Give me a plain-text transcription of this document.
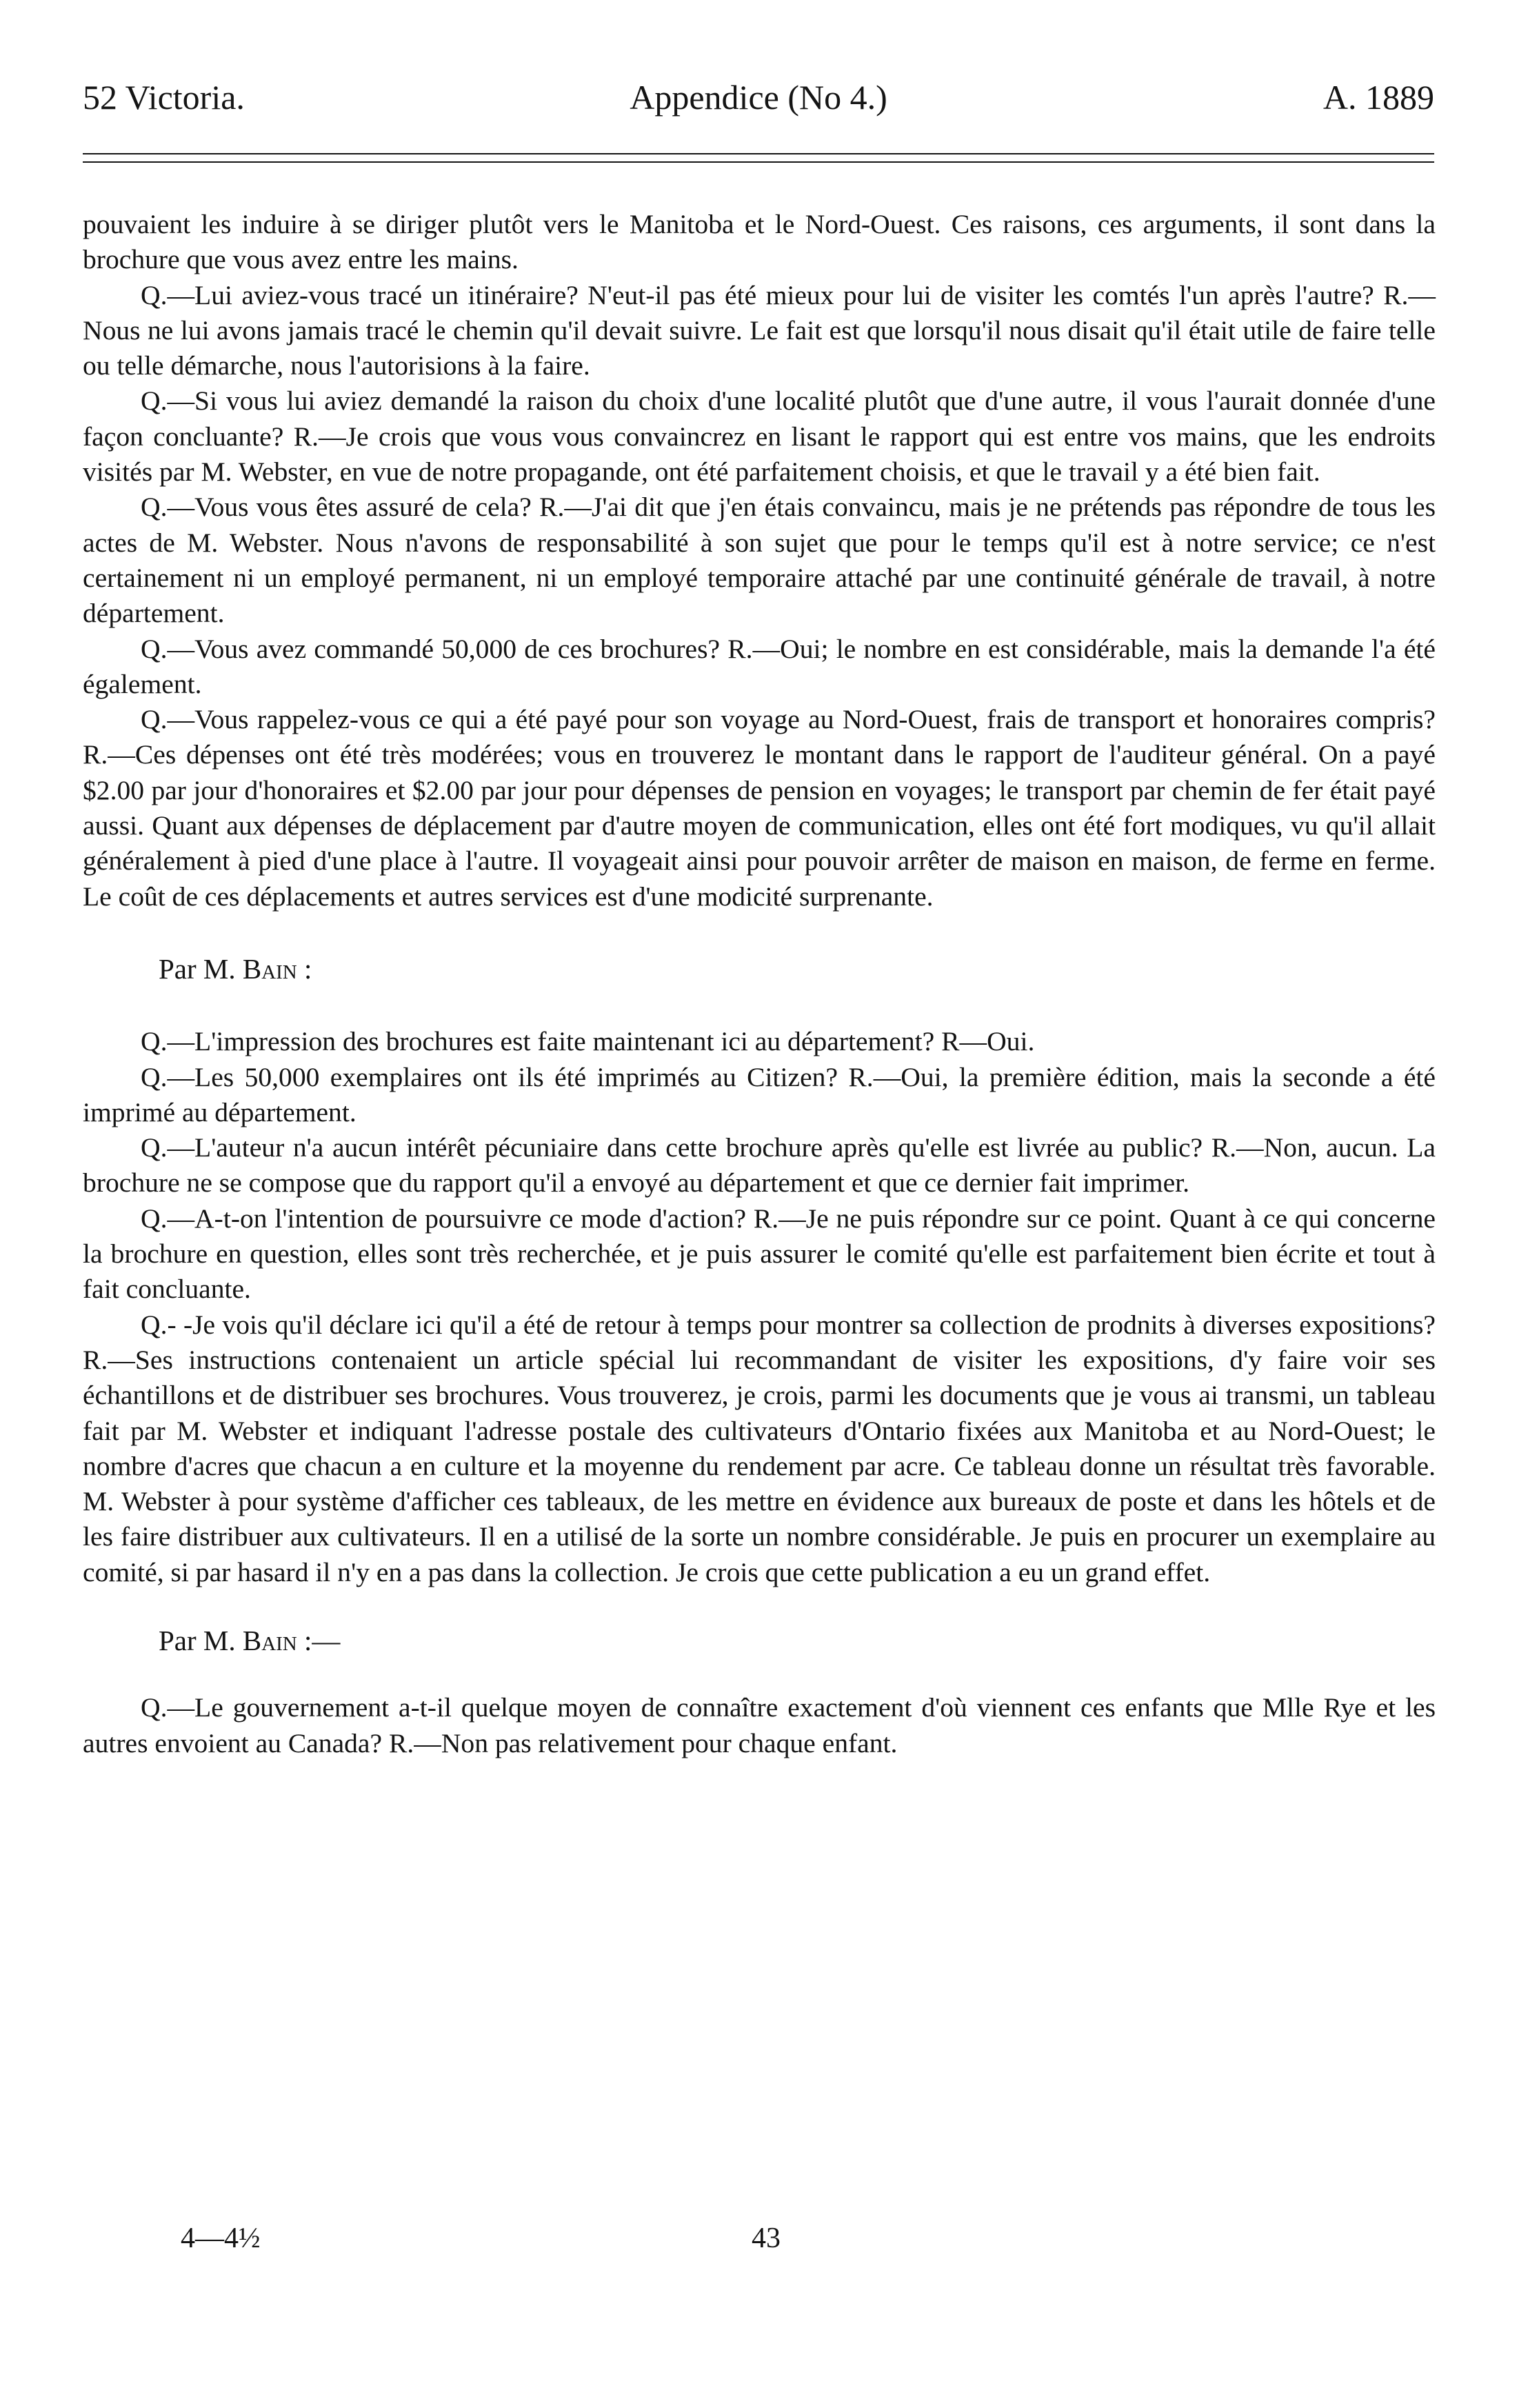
52 Victoria.	Appendice (No 4.)	A. 1889

pouvaient les induire à se diriger plutôt vers le Manitoba et le Nord-Ouest. Ces raisons, ces arguments, il sont dans la brochure que vous avez entre les mains.

Q.—Lui aviez-vous tracé un itinéraire? N'eut-il pas été mieux pour lui de visiter les comtés l'un après l'autre? R.—Nous ne lui avons jamais tracé le chemin qu'il devait suivre. Le fait est que lorsqu'il nous disait qu'il était utile de faire telle ou telle démarche, nous l'autorisions à la faire.

Q.—Si vous lui aviez demandé la raison du choix d'une localité plutôt que d'une autre, il vous l'aurait donnée d'une façon concluante? R.—Je crois que vous vous convaincrez en lisant le rapport qui est entre vos mains, que les endroits visités par M. Webster, en vue de notre propagande, ont été parfaitement choisis, et que le travail y a été bien fait.

Q.—Vous vous êtes assuré de cela? R.—J'ai dit que j'en étais convaincu, mais je ne prétends pas répondre de tous les actes de M. Webster. Nous n'avons de responsabilité à son sujet que pour le temps qu'il est à notre service; ce n'est certainement ni un employé permanent, ni un employé temporaire attaché par une continuité générale de travail, à notre département.

Q.—Vous avez commandé 50,000 de ces brochures? R.—Oui; le nombre en est considérable, mais la demande l'a été également.

Q.—Vous rappelez-vous ce qui a été payé pour son voyage au Nord-Ouest, frais de transport et honoraires compris? R.—Ces dépenses ont été très modérées; vous en trouverez le montant dans le rapport de l'auditeur général. On a payé $2.00 par jour d'honoraires et $2.00 par jour pour dépenses de pension en voyages; le transport par chemin de fer était payé aussi. Quant aux dépenses de déplacement par d'autre moyen de communication, elles ont été fort modiques, vu qu'il allait généralement à pied d'une place à l'autre. Il voyageait ainsi pour pouvoir arrêter de maison en maison, de ferme en ferme. Le coût de ces déplacements et autres services est d'une modicité surprenante.

Par M. Bain :

Q.—L'impression des brochures est faite maintenant ici au département? R—Oui.

Q.—Les 50,000 exemplaires ont ils été imprimés au Citizen? R.—Oui, la première édition, mais la seconde a été imprimé au département.

Q.—L'auteur n'a aucun intérêt pécuniaire dans cette brochure après qu'elle est livrée au public? R.—Non, aucun. La brochure ne se compose que du rapport qu'il a envoyé au département et que ce dernier fait imprimer.

Q.—A-t-on l'intention de poursuivre ce mode d'action? R.—Je ne puis répondre sur ce point. Quant à ce qui concerne la brochure en question, elles sont très recherchée, et je puis assurer le comité qu'elle est parfaitement bien écrite et tout à fait concluante.

Q.- -Je vois qu'il déclare ici qu'il a été de retour à temps pour montrer sa collection de prodnits à diverses expositions? R.—Ses instructions contenaient un article spécial lui recommandant de visiter les expositions, d'y faire voir ses échantillons et de distribuer ses brochures. Vous trouverez, je crois, parmi les documents que je vous ai transmi, un tableau fait par M. Webster et indiquant l'adresse postale des cultivateurs d'Ontario fixées aux Manitoba et au Nord-Ouest; le nombre d'acres que chacun a en culture et la moyenne du rendement par acre. Ce tableau donne un résultat très favorable. M. Webster à pour système d'afficher ces tableaux, de les mettre en évidence aux bureaux de poste et dans les hôtels et de les faire distribuer aux cultivateurs. Il en a utilisé de la sorte un nombre considérable. Je puis en procurer un exemplaire au comité, si par hasard il n'y en a pas dans la collection. Je crois que cette publication a eu un grand effet.

Par M. Bain :—

Q.—Le gouvernement a-t-il quelque moyen de connaître exactement d'où viennent ces enfants que Mlle Rye et les autres envoient au Canada? R.—Non pas relativement pour chaque enfant.

4—4½	43
